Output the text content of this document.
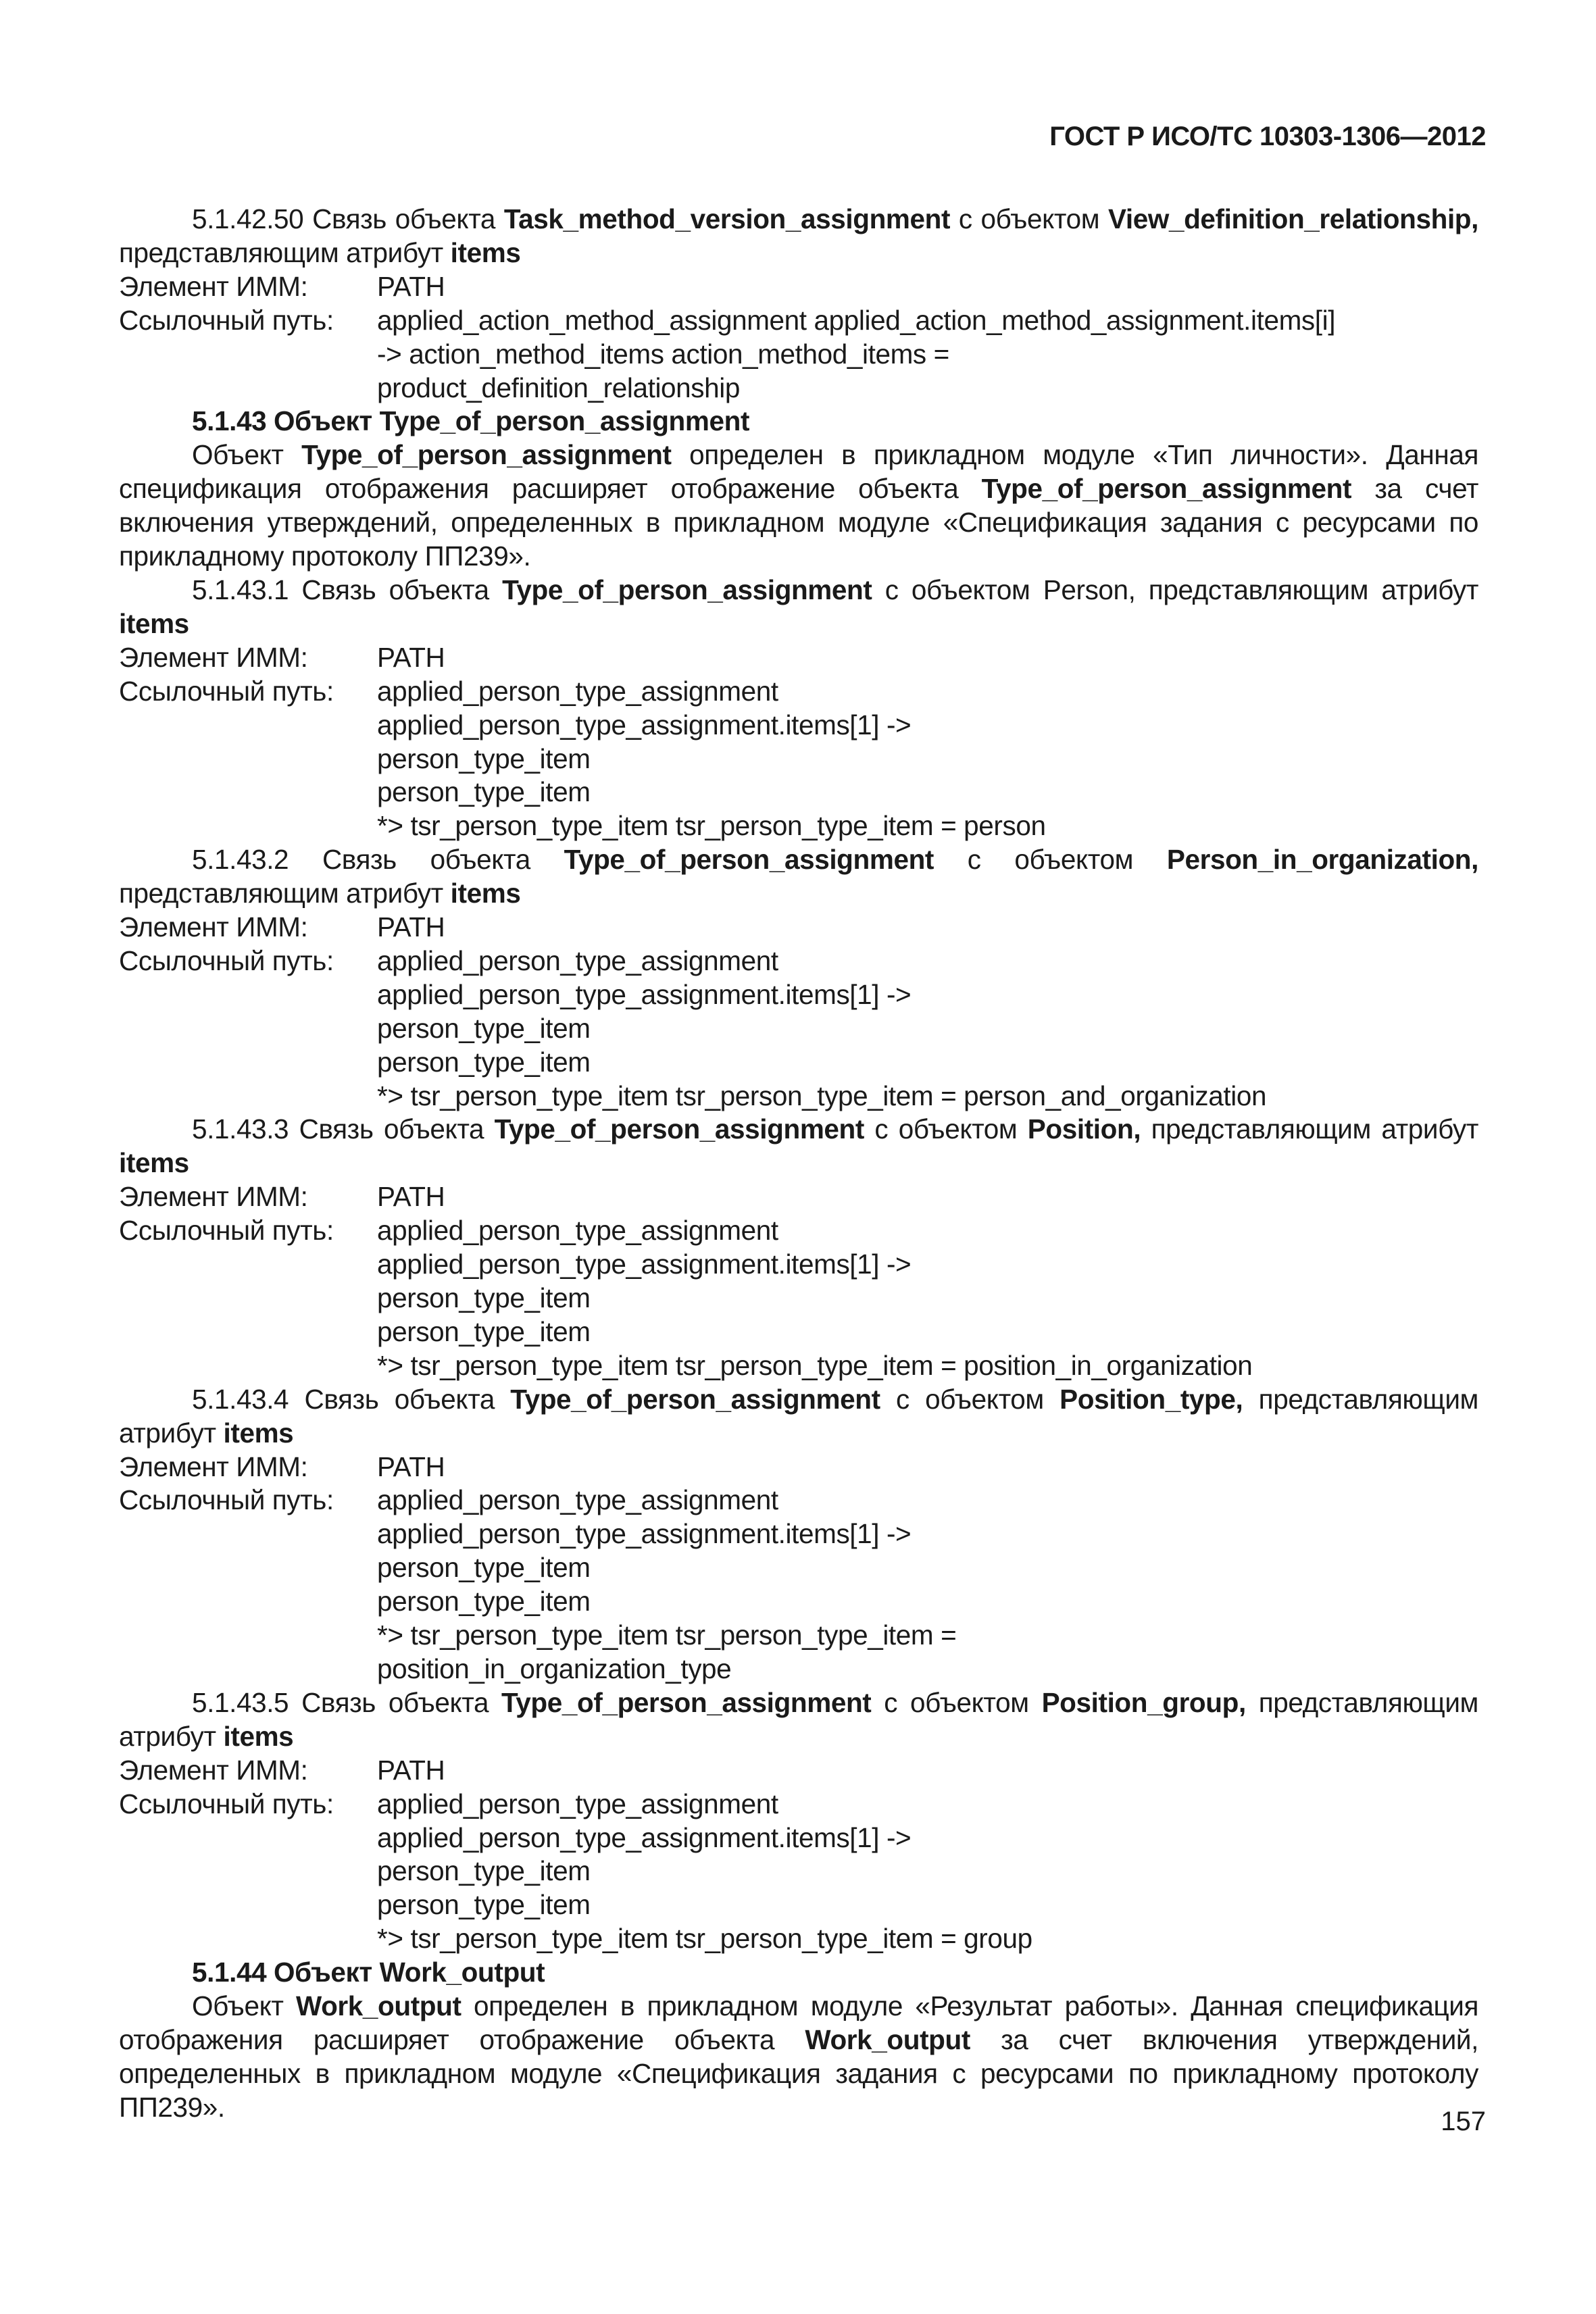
ГОСТ Р ИСО/ТС 10303-1306—2012

5.1.42.50 Связь объекта Task_method_version_assignment с объектом View_definition_relationship, представляющим атрибут items

Элемент ИММ:	PATH
Ссылочный путь: applied_action_method_assignment applied_action_method_assignment.items[i]
-> action_method_items action_method_items =
product_definition_relationship

5.1.43 Объект Type_of_person_assignment

Объект Type_of_person_assignment определен в прикладном модуле «Тип личности». Данная спецификация отображения расширяет отображение объекта Type_of_person_assignment за счет включения утверждений, определенных в прикладном модуле «Спецификация задания с ресурсами по прикладному протоколу ПП239».

5.1.43.1 Связь объекта Type_of_person_assignment с объектом Person, представляющим атрибут items

Элемент ИММ:	PATH
Ссылочный путь: applied_person_type_assignment
applied_person_type_assignment.items[1] ->
person_type_item
person_type_item
*> tsr_person_type_item tsr_person_type_item = person

5.1.43.2 Связь объекта Type_of_person_assignment с объектом Person_in_organization, представляющим атрибут items

Элемент ИММ:	PATH
Ссылочный путь: applied_person_type_assignment
applied_person_type_assignment.items[1] ->
person_type_item
person_type_item
*> tsr_person_type_item tsr_person_type_item = person_and_organization

5.1.43.3 Связь объекта Type_of_person_assignment с объектом Position, представляющим атрибут items

Элемент ИММ:	PATH
Ссылочный путь: applied_person_type_assignment
applied_person_type_assignment.items[1] ->
person_type_item
person_type_item
*> tsr_person_type_item tsr_person_type_item = position_in_organization

5.1.43.4 Связь объекта Type_of_person_assignment с объектом Position_type, представляющим атрибут items

Элемент ИММ:	PATH
Ссылочный путь: applied_person_type_assignment
applied_person_type_assignment.items[1] ->
person_type_item
person_type_item
*> tsr_person_type_item tsr_person_type_item =
position_in_organization_type

5.1.43.5 Связь объекта Type_of_person_assignment с объектом Position_group, представляющим атрибут items

Элемент ИММ:	PATH
Ссылочный путь: applied_person_type_assignment
applied_person_type_assignment.items[1] ->
person_type_item
person_type_item
*> tsr_person_type_item tsr_person_type_item = group

5.1.44 Объект Work_output

Объект Work_output определен в прикладном модуле «Результат работы». Данная спецификация отображения расширяет отображение объекта Work_output за счет включения утверждений, определенных в прикладном модуле «Спецификация задания с ресурсами по прикладному протоколу ПП239».	157
